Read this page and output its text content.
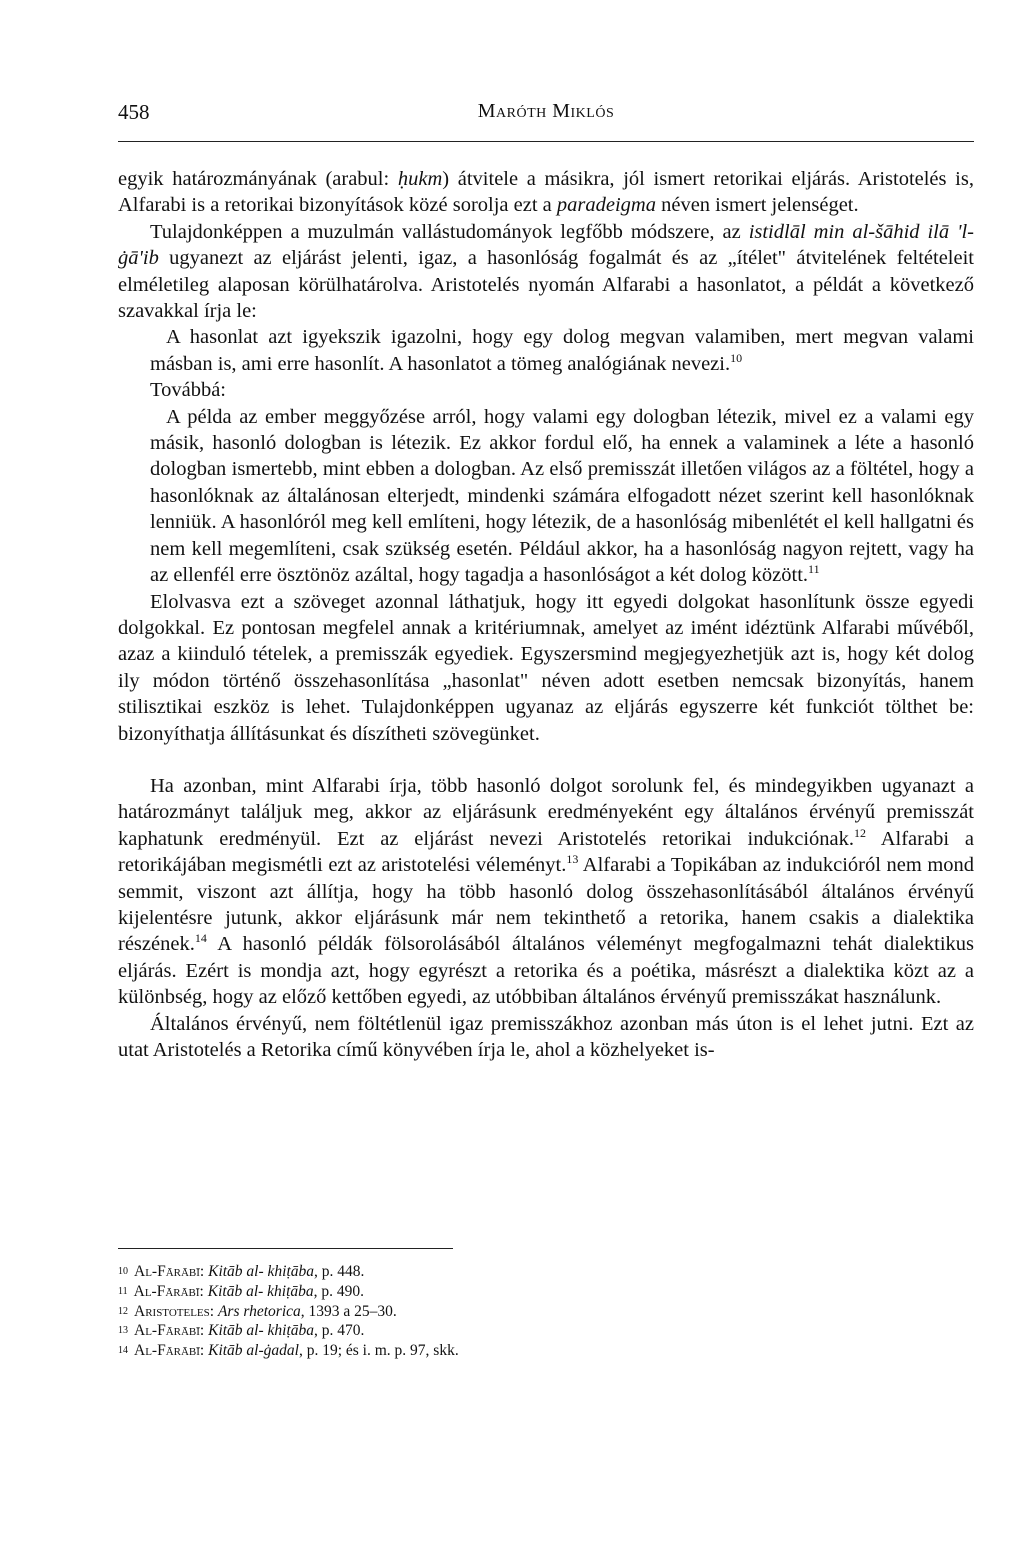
458	Maróth Miklós

egyik határozmányának (arabul: ḥukm) átvitele a másikra, jól ismert retorikai eljárás. Aristotelés is, Alfarabi is a retorikai bizonyítások közé sorolja ezt a paradeigma néven ismert jelenséget.

Tulajdonképpen a muzulmán vallástudományok legfőbb módszere, az istidlāl min al-šāhid ilā 'l-ġā'ib ugyanezt az eljárást jelenti, igaz, a hasonlóság fogalmát és az „ítélet" átvitelének feltételeit elméletileg alaposan körülhatárolva. Aristotelés nyomán Alfarabi a hasonlatot, a példát a következő szavakkal írja le:

A hasonlat azt igyekszik igazolni, hogy egy dolog megvan valamiben, mert megvan valami másban is, ami erre hasonlít. A hasonlatot a tömeg analógiának nevezi.$^{10}$

Továbbá:

A példa az ember meggyőzése arról, hogy valami egy dologban létezik, mivel ez a valami egy másik, hasonló dologban is létezik. Ez akkor fordul elő, ha ennek a valaminek a léte a hasonló dologban ismertebb, mint ebben a dologban. Az első premisszát illetően világos az a föltétel, hogy a hasonlóknak az általánosan elterjedt, mindenki számára elfogadott nézet szerint kell hasonlóknak lenniük. A hasonlóról meg kell említeni, hogy létezik, de a hasonlóság mibenlétét el kell hallgatni és nem kell megemlíteni, csak szükség esetén. Például akkor, ha a hasonlóság nagyon rejtett, vagy ha az ellenfél erre ösztönöz azáltal, hogy tagadja a hasonlóságot a két dolog között.$^{11}$

Elolvasva ezt a szöveget azonnal láthatjuk, hogy itt egyedi dolgokat hasonlítunk össze egyedi dolgokkal. Ez pontosan megfelel annak a kritériumnak, amelyet az imént idéztünk Alfarabi művéből, azaz a kiinduló tételek, a premisszák egyediek. Egyszersmind megjegyezhetjük azt is, hogy két dolog ily módon történő összehasonlítása „hasonlat" néven adott esetben nemcsak bizonyítás, hanem stilisztikai eszköz is lehet. Tulajdonképpen ugyanaz az eljárás egyszerre két funkciót tölthet be: bizonyíthatja állításunkat és díszítheti szövegünket.

Ha azonban, mint Alfarabi írja, több hasonló dolgot sorolunk fel, és mindegyikben ugyanazt a határozmányt találjuk meg, akkor az eljárásunk eredményeként egy általános érvényű premisszát kaphatunk eredményül. Ezt az eljárást nevezi Aristotelés retorikai indukciónak.$^{12}$ Alfarabi a retorikájában megismétli ezt az aristotelési véleményt.$^{13}$ Alfarabi a Topikában az indukcióról nem mond semmit, viszont azt állítja, hogy ha több hasonló dolog összehasonlításából általános érvényű kijelentésre jutunk, akkor eljárásunk már nem tekinthető a retorika, hanem csakis a dialektika részének.$^{14}$ A hasonló példák fölsorolásából általános véleményt megfogalmazni tehát dialektikus eljárás. Ezért is mondja azt, hogy egyrészt a retorika és a poétika, másrészt a dialektika közt az a különbség, hogy az előző kettőben egyedi, az utóbbiban általános érvényű premisszákat használunk.

Általános érvényű, nem föltétlenül igaz premisszákhoz azonban más úton is el lehet jutni. Ezt az utat Aristotelés a Retorika című könyvében írja le, ahol a közhelyeket is-

10 Al-Fārābī: Kitāb al- khiṭāba, p. 448.
11 Al-Fārābī: Kitāb al- khiṭāba, p. 490.
12 Aristoteles: Ars rhetorica, 1393 a 25–30.
13 Al-Fārābī: Kitāb al- khiṭāba, p. 470.
14 Al-Fārābī: Kitāb al-ġadal, p. 19; és i. m. p. 97, skk.
